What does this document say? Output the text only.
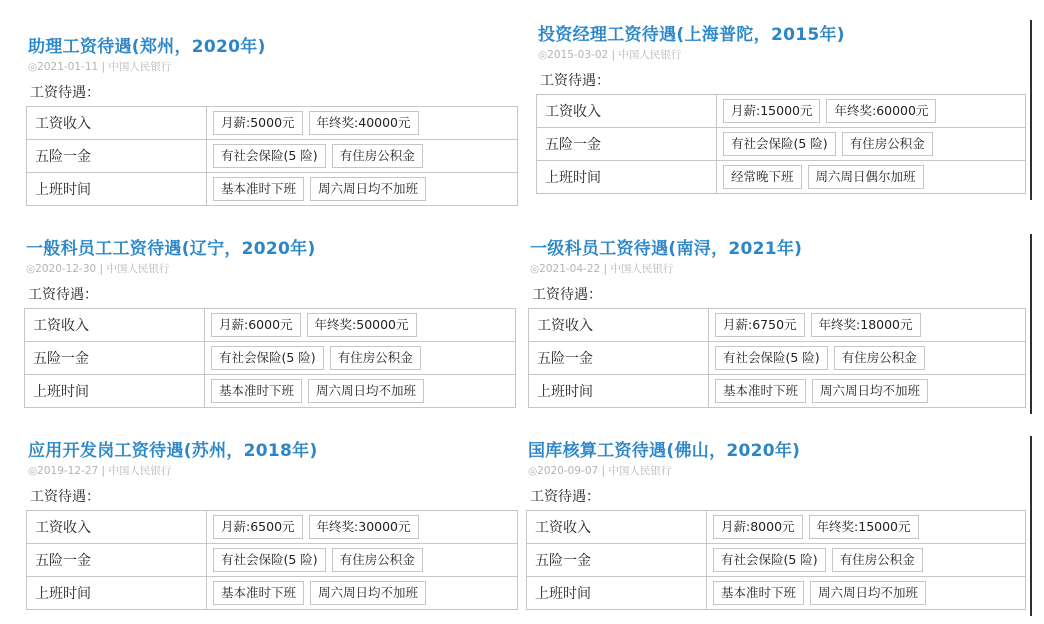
助理工资待遇(郑州，2020年)
◎2021-01-11 | 中国人民银行
工资待遇：
工资收入	月薪:5000元	年终奖:40000元
五险一金	有社会保险(5 险)	有住房公积金
上班时间	基本准时下班	周六周日均不加班
投资经理工资待遇(上海普陀，2015年)
◎2015-03-02 | 中国人民银行
工资待遇：
工资收入	月薪:15000元	年终奖:60000元
五险一金	有社会保险(5 险)	有住房公积金
上班时间	经常晚下班	周六周日偶尔加班
一般科员工工资待遇(辽宁，2020年)
◎2020-12-30 | 中国人民银行
工资待遇：
工资收入	月薪:6000元	年终奖:50000元
五险一金	有社会保险(5 险)	有住房公积金
上班时间	基本准时下班	周六周日均不加班
一级科员工资待遇(南浔，2021年)
◎2021-04-22 | 中国人民银行
工资待遇：
工资收入	月薪:6750元	年终奖:18000元
五险一金	有社会保险(5 险)	有住房公积金
上班时间	基本准时下班	周六周日均不加班
应用开发岗工资待遇(苏州，2018年)
◎2019-12-27 | 中国人民银行
工资待遇：
工资收入	月薪:6500元	年终奖:30000元
五险一金	有社会保险(5 险)	有住房公积金
上班时间	基本准时下班	周六周日均不加班
国库核算工资待遇(佛山，2020年)
◎2020-09-07 | 中国人民银行
工资待遇：
工资收入	月薪:8000元	年终奖:15000元
五险一金	有社会保险(5 险)	有住房公积金
上班时间	基本准时下班	周六周日均不加班
